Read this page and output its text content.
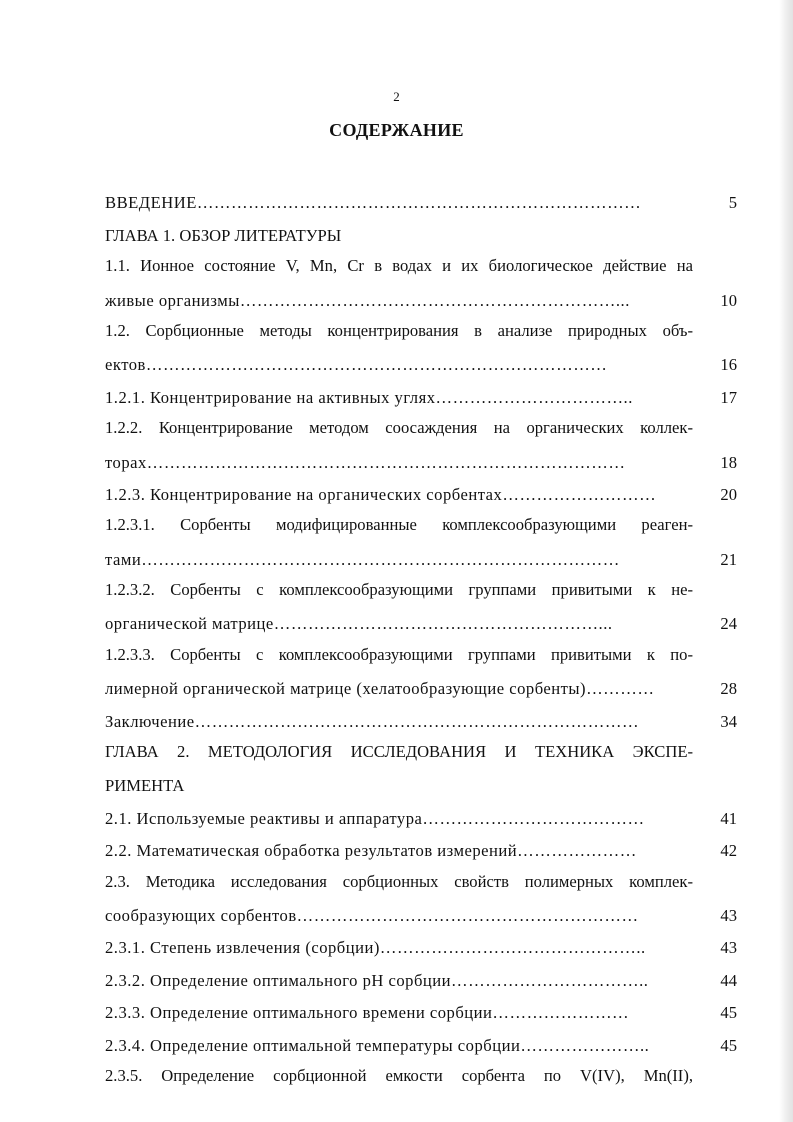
2
СОДЕРЖАНИЕ
ВВЕДЕНИЕ……………………………………………………………………	5
ГЛАВА 1. ОБЗОР ЛИТЕРАТУРЫ
1.1. Ионное состояние V, Mn, Cr в водах и их биологическое действие на
живые организмы…………………………………………………………...	10
1.2. Сорбционные методы концентрирования в анализе природных объ-
ектов………………………………………………………………………	16
1.2.1. Концентрирование на активных углях……………………………..	17
1.2.2. Концентрирование методом соосаждения на органических коллек-
торах…………………………………………………………………………	18
1.2.3. Концентрирование на органических сорбентах………………………	20
1.2.3.1. Сорбенты модифицированные комплексообразующими реаген-
тами…………………………………………………………………………	21
1.2.3.2. Сорбенты с комплексообразующими группами привитыми к не-
органической матрице…………………………………………………...	24
1.2.3.3. Сорбенты с комплексообразующими группами привитыми к по-
лимерной органической матрице (хелатообразующие сорбенты)…………	28
Заключение……………………………………………………………………	34
ГЛАВА 2. МЕТОДОЛОГИЯ ИССЛЕДОВАНИЯ И ТЕХНИКА ЭКСПЕ-
РИМЕНТА
2.1. Используемые реактивы и аппаратура…………………………………	41
2.2. Математическая обработка результатов измерений…………………	42
2.3. Методика исследования сорбционных свойств полимерных комплек-
сообразующих сорбентов……………………………………………………	43
2.3.1. Степень извлечения (сорбции)………………………………………..	43
2.3.2. Определение оптимального pH сорбции……………………………..	44
2.3.3. Определение оптимального времени сорбции……………………	45
2.3.4. Определение оптимальной температуры сорбции…………………..	45
2.3.5. Определение сорбционной емкости сорбента по V(IV), Mn(II),
